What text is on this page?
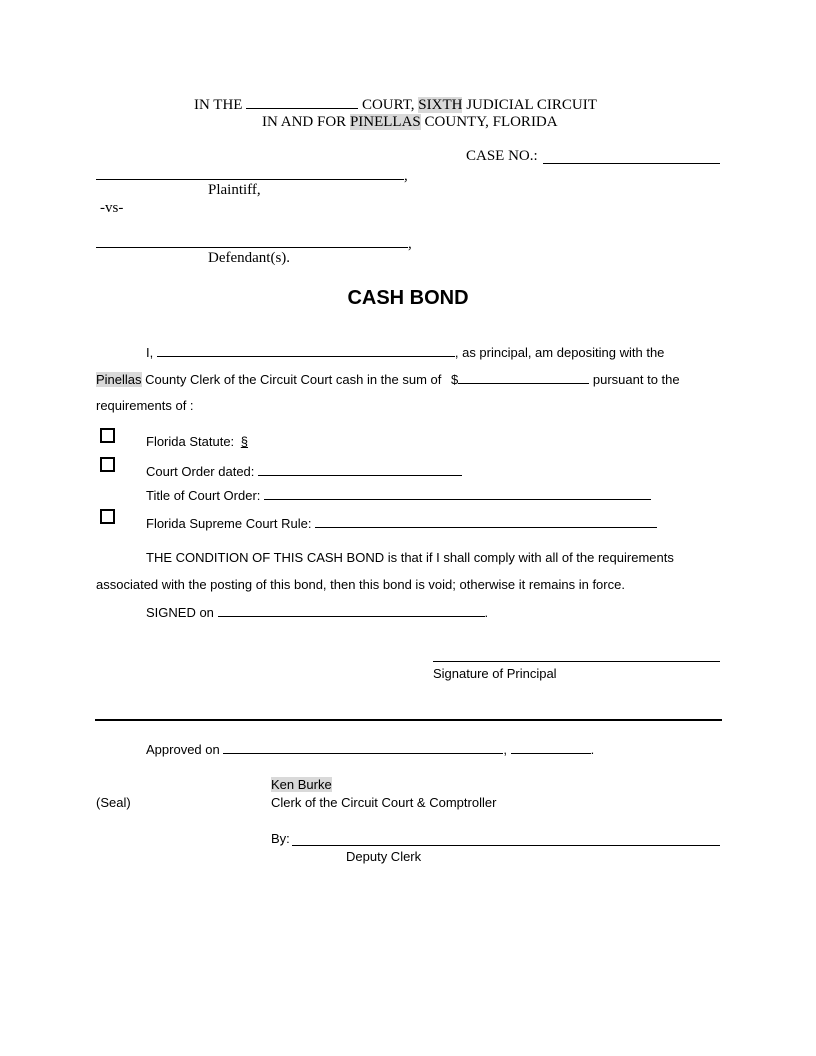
IN THE	COURT, SIXTH JUDICIAL CIRCUIT
IN AND FOR PINELLAS COUNTY, FLORIDA
CASE NO.:
,
Plaintiff,
-vs-
,
Defendant(s).
CASH BOND
I,	, as principal, am depositing with the
Pinellas County Clerk of the Circuit Court cash in the sum of $	pursuant to the
requirements of :
Florida Statute: §
Court Order dated:
Title of Court Order:
Florida Supreme Court Rule:
THE CONDITION OF THIS CASH BOND is that if I shall comply with all of the requirements
associated with the posting of this bond, then this bond is void; otherwise it remains in force.
SIGNED on	.
Signature of Principal
Approved on	,	.
Ken Burke
(Seal)	Clerk of the Circuit Court & Comptroller
By:
Deputy Clerk
